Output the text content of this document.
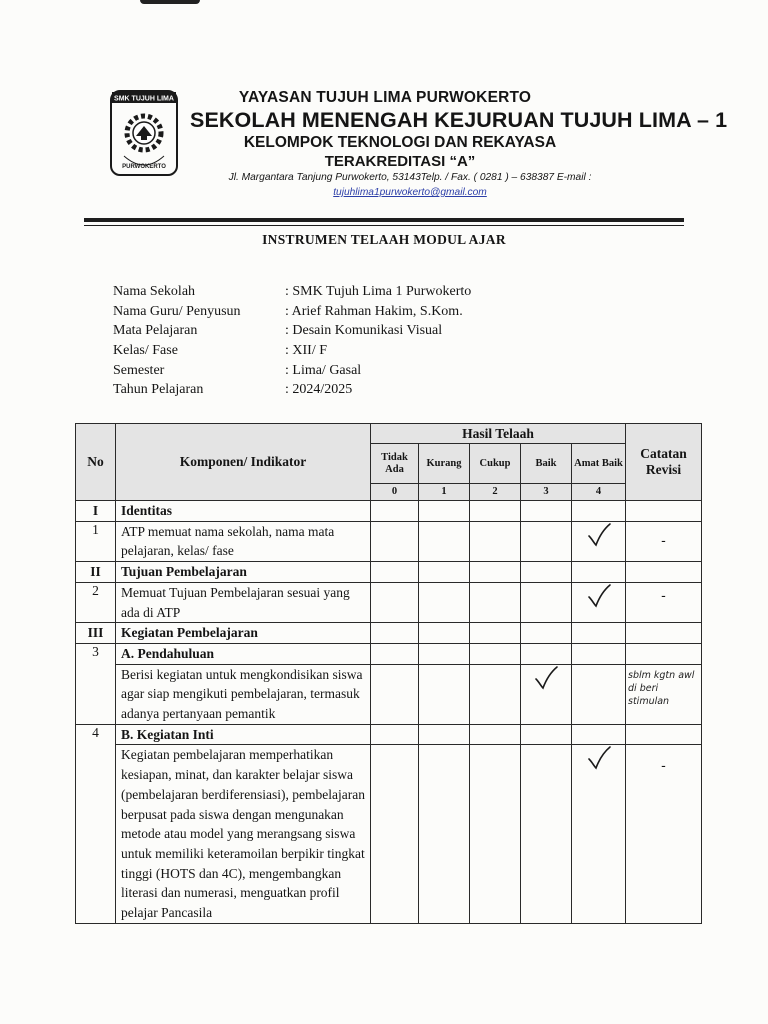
SMK TUJUH LIMA
PURWOKERTO
YAYASAN TUJUH LIMA PURWOKERTO
SEKOLAH MENENGAH KEJURUAN TUJUH LIMA – 1
KELOMPOK TEKNOLOGI DAN REKAYASA
TERAKREDITASI “A”
Jl. Margantara Tanjung Purwokerto, 53143Telp. / Fax. ( 0281 ) – 638387 E-mail :
tujuhlima1purwokerto@gmail.com
INSTRUMEN TELAAH MODUL AJAR
Nama Sekolah	: SMK Tujuh Lima 1 Purwokerto
Nama Guru/ Penyusun	: Arief Rahman Hakim, S.Kom.
Mata Pelajaran	: Desain Komunikasi Visual
Kelas/ Fase	: XII/ F
Semester	: Lima/ Gasal
Tahun Pelajaran	: 2024/2025
No	Komponen/ Indikator	Hasil Telaah					Catatan Revisi
		Tidak Ada	Kurang	Cukup	Baik	Amat Baik	
		0	1	2	3	4	
I	Identitas						
1	ATP memuat nama sekolah, nama mata pelajaran, kelas/ fase						-
II	Tujuan Pembelajaran						
2	Memuat Tujuan Pembelajaran sesuai yang ada di ATP						-
III	Kegiatan Pembelajaran						
3	A. Pendahuluan						
	Berisi kegiatan untuk mengkondisikan siswa agar siap mengikuti pembelajaran, termasuk adanya pertanyaan pemantik						sblm kgtn awl di beri stimulan
4	B. Kegiatan Inti						
	Kegiatan pembelajaran memperhatikan kesiapan, minat, dan karakter belajar siswa (pembelajaran berdiferensiasi), pembelajaran berpusat pada siswa dengan mengunakan metode atau model yang merangsang siswa untuk memiliki keteramoilan berpikir tingkat tinggi (HOTS dan 4C), mengembangkan literasi dan numerasi, menguatkan profil pelajar Pancasila						-
